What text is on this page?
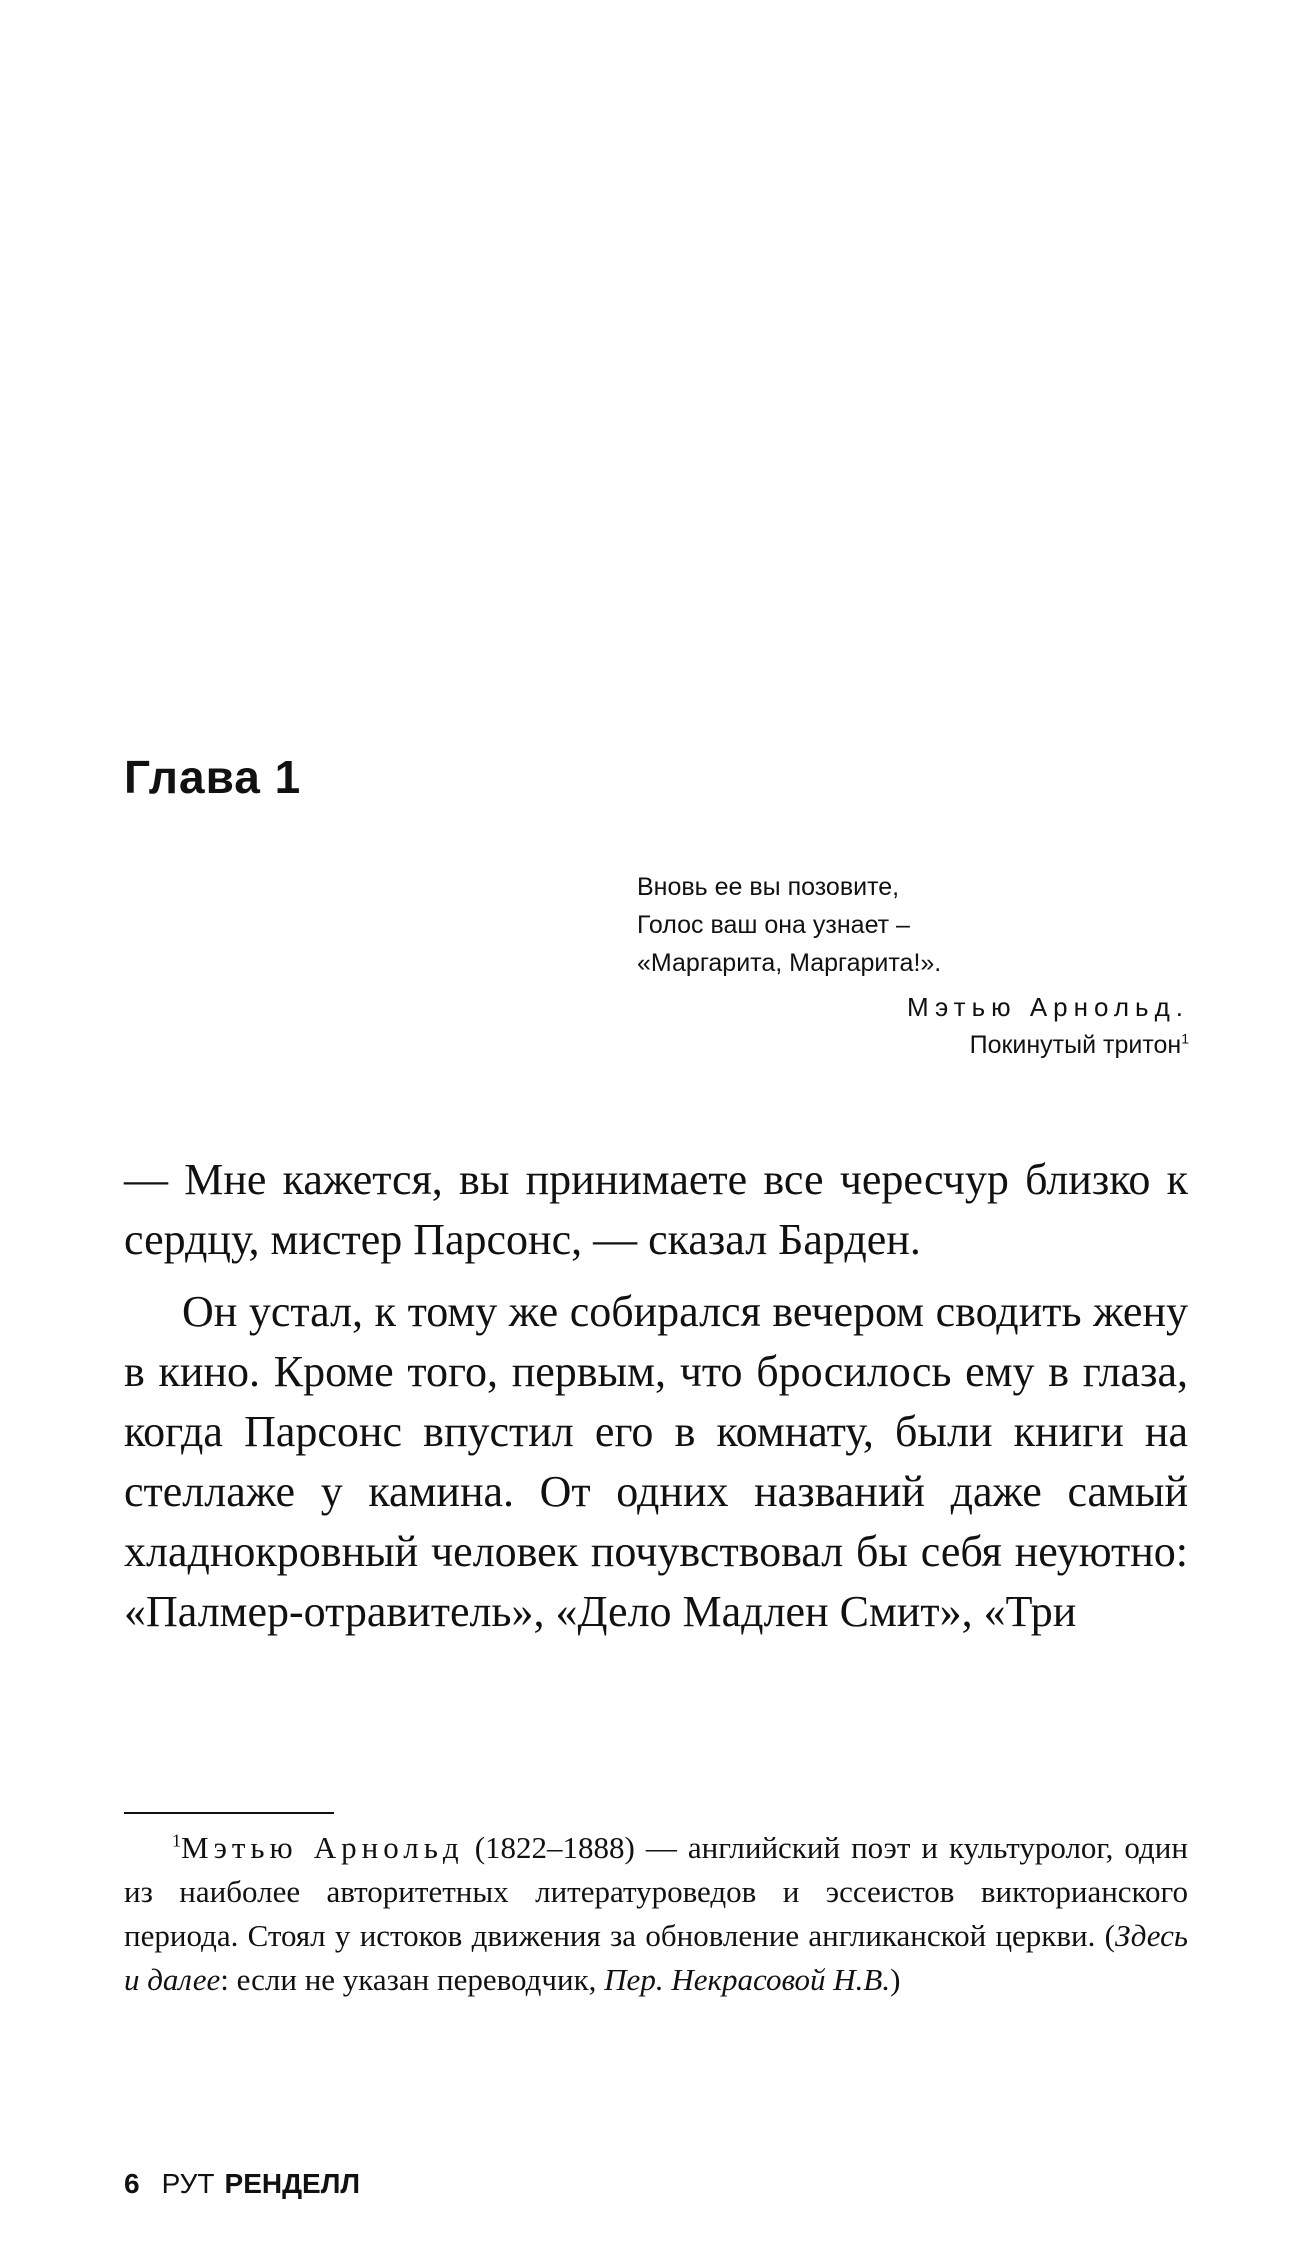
Глава 1
Вновь ее вы позовите,
Голос ваш она узнает –
«Маргарита, Маргарита!».
Мэтью Арнольд.
Покинутый тритон$^1$

— Мне кажется, вы принимаете все чересчур близко к сердцу, мистер Парсонс, — сказал Барден.

Он устал, к тому же собирался вечером сводить жену в кино. Кроме того, первым, что бросилось ему в глаза, когда Парсонс впустил его в комнату, были книги на стеллаже у камина. От одних названий даже самый хладнокровный человек почувствовал бы себя неуютно: «Палмер-отравитель», «Дело Мадлен Смит», «Три

$^1$Мэтью Арнольд (1822–1888) — английский поэт и культуролог, один из наиболее авторитетных литературоведов и эссеистов викторианского периода. Стоял у истоков движения за обновление англиканской церкви. (Здесь и далее: если не указан переводчик, Пер. Некрасовой Н.В.)
6 РУТ РЕНДЕЛЛ
